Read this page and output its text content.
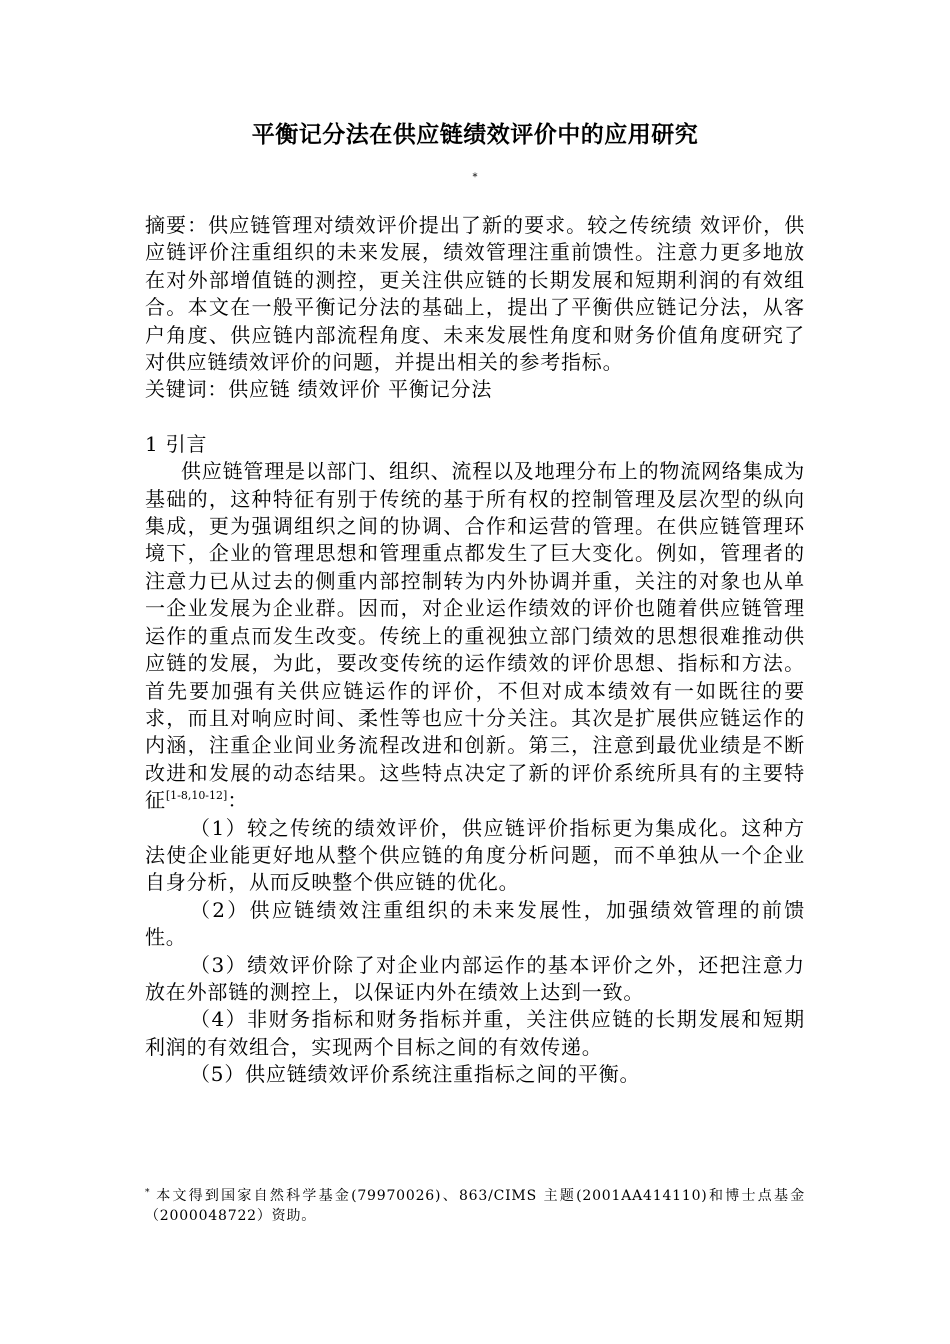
平衡记分法在供应链绩效评价中的应用研究
*

摘要：供应链管理对绩效评价提出了新的要求。较之传统绩 效评价，供应链评价注重组织的未来发展，绩效管理注重前馈性。注意力更多地放在对外部增值链的测控，更关注供应链的长期发展和短期利润的有效组合。本文在一般平衡记分法的基础上，提出了平衡供应链记分法，从客户角度、供应链内部流程角度、未来发展性角度和财务价值角度研究了对供应链绩效评价的问题，并提出相关的参考指标。

关键词：供应链 绩效评价 平衡记分法

1 引言

供应链管理是以部门、组织、流程以及地理分布上的物流网络集成为基础的，这种特征有别于传统的基于所有权的控制管理及层次型的纵向集成，更为强调组织之间的协调、合作和运营的管理。在供应链管理环境下，企业的管理思想和管理重点都发生了巨大变化。例如，管理者的注意力已从过去的侧重内部控制转为内外协调并重，关注的对象也从单一企业发展为企业群。因而，对企业运作绩效的评价也随着供应链管理运作的重点而发生改变。传统上的重视独立部门绩效的思想很难推动供应链的发展，为此，要改变传统的运作绩效的评价思想、指标和方法。首先要加强有关供应链运作的评价，不但对成本绩效有一如既往的要求，而且对响应时间、柔性等也应十分关注。其次是扩展供应链运作的内涵，注重企业间业务流程改进和创新。第三，注意到最优业绩是不断改进和发展的动态结果。这些特点决定了新的评价系统所具有的主要特征[1-8,10-12]：

（1）较之传统的绩效评价，供应链评价指标更为集成化。这种方法使企业能更好地从整个供应链的角度分析问题，而不单独从一个企业自身分析，从而反映整个供应链的优化。

（2）供应链绩效注重组织的未来发展性，加强绩效管理的前馈性。

（3）绩效评价除了对企业内部运作的基本评价之外，还把注意力放在外部链的测控上，以保证内外在绩效上达到一致。

（4）非财务指标和财务指标并重，关注供应链的长期发展和短期利润的有效组合，实现两个目标之间的有效传递。

（5）供应链绩效评价系统注重指标之间的平衡。

* 本文得到国家自然科学基金(79970026)、863/CIMS 主题(2001AA414110)和博士点基金（2000048722）资助。
